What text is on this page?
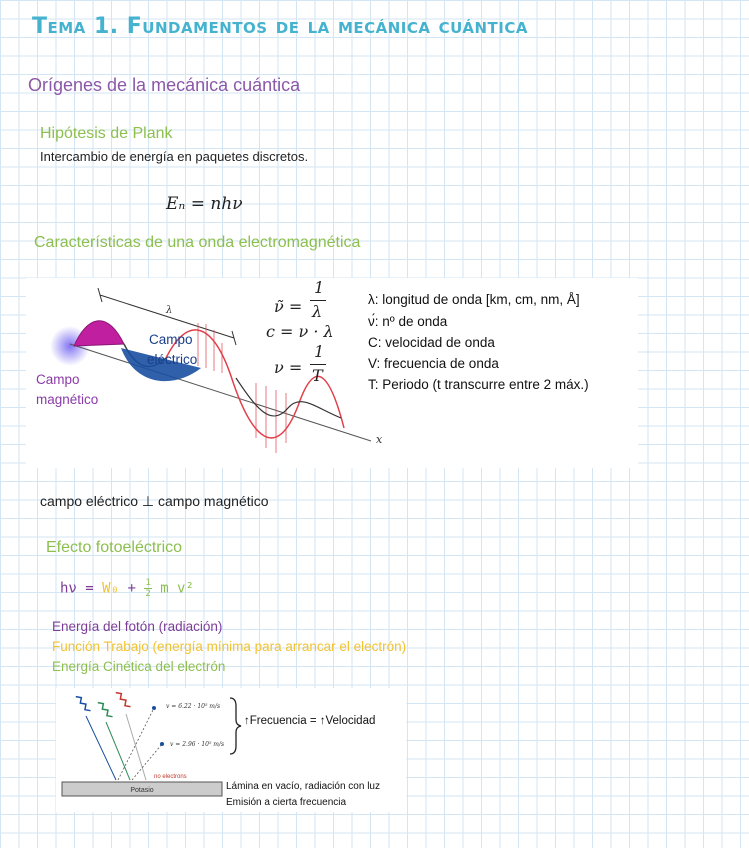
Tema 1. Fundamentos de la mecánica cuántica
Orígenes de la mecánica cuántica
Hipótesis de Plank
Intercambio de energía en paquetes discretos.
Eₙ = nhν
Características de una onda electromagnética
λ
x
Campo
eléctrico
Campo
magnético
ν̃ =
1
λ
c = ν · λ
ν =
1
T
λ: longitud de onda [km, cm, nm, Å]
ν́: nº de onda
C: velocidad de onda
V: frecuencia de onda
T: Periodo (t transcurre entre 2 máx.)
campo eléctrico ⊥ campo magnético
Efecto fotoeléctrico
$h\nu = W_0 + \frac{1}{2}$ m v²
Energía del fotón (radiación)
Función Trabajo (energía mínima para arrancar el electrón)
Energía Cinética del electrón
Potasio
v = 6.22 · 10⁵ m/s
v = 2.96 · 10⁵ m/s
no electrons
↑Frecuencia = ↑Velocidad
Lámina en vacío, radiación con luz
Emisión a cierta frecuencia
